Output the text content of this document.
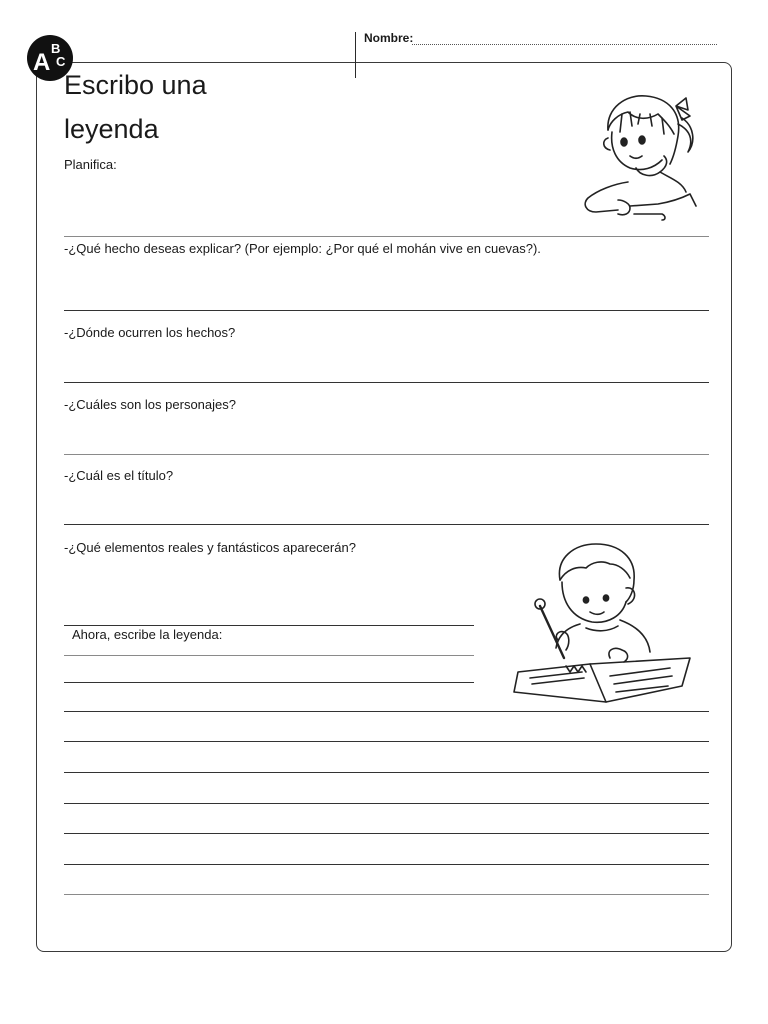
Nombre:
A
B
C
Escribo una
leyenda
Planifica:
-¿Qué hecho deseas explicar? (Por ejemplo: ¿Por qué el mohán vive en cuevas?).
-¿Dónde ocurren los hechos?
-¿Cuáles son los personajes?
-¿Cuál es el título?
-¿Qué elementos reales y fantásticos aparecerán?
Ahora, escribe la leyenda:
